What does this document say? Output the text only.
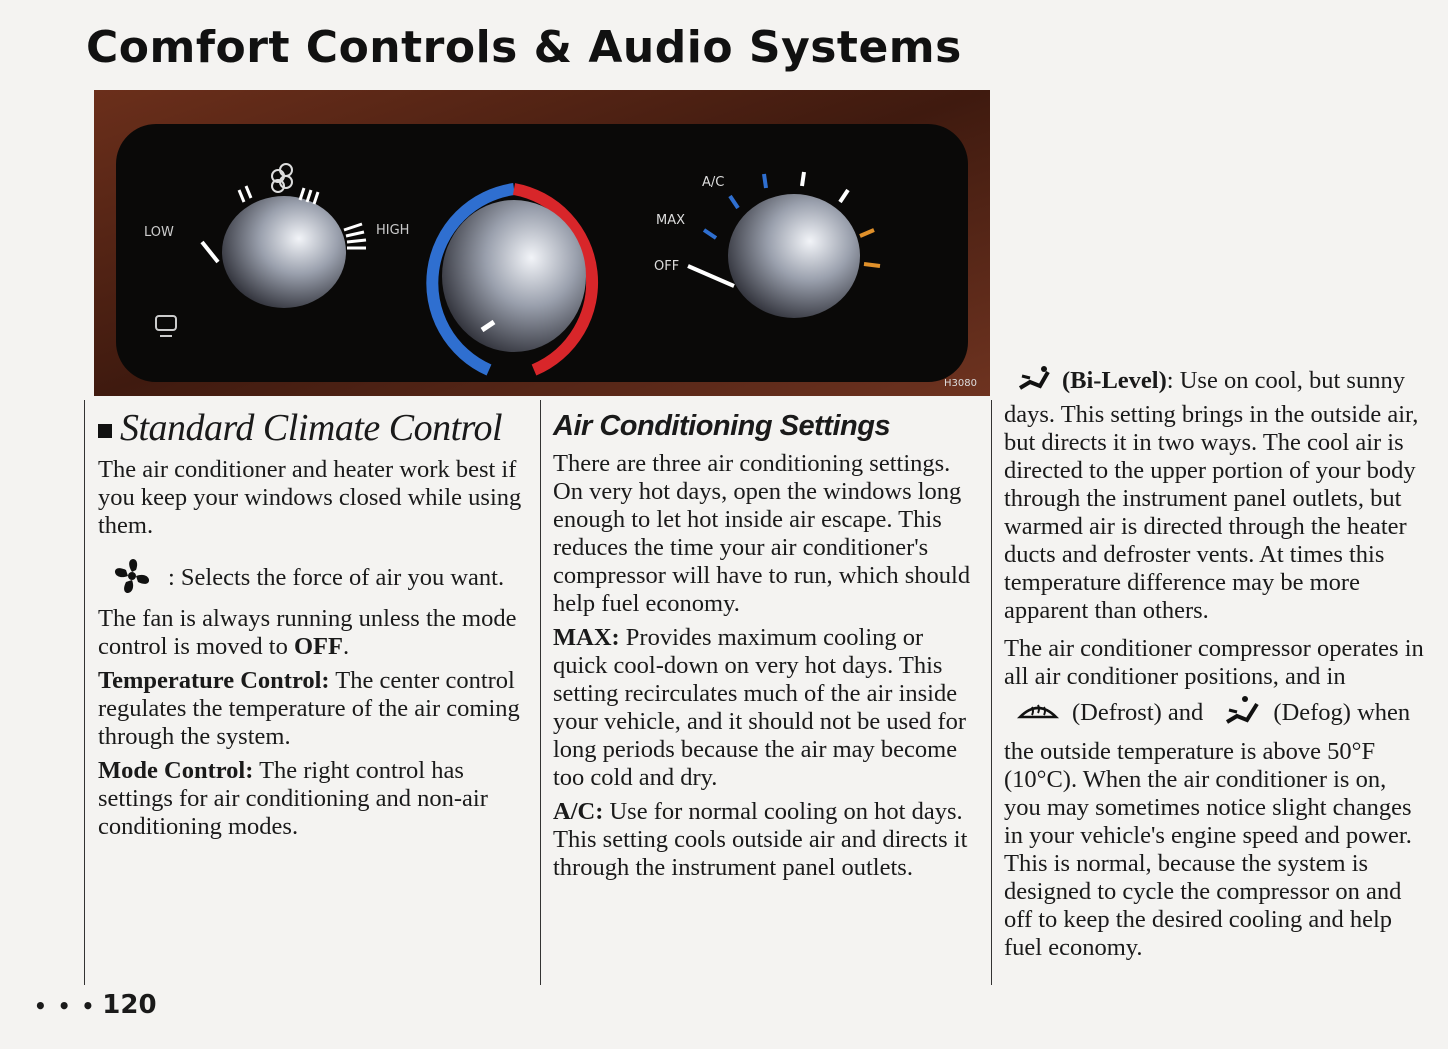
Comfort Controls & Audio Systems
LOW	HIGH
A/C
MAX
OFF
H3080
Standard Climate Control

The air conditioner and heater work best if you keep your windows closed while using them.

: Selects the force of air you want. The fan is always running unless the mode control is moved to OFF.

Temperature Control: The center control regulates the temperature of the air coming through the system.

Mode Control: The right control has settings for air conditioning and non-air conditioning modes.

Air Conditioning Settings

There are three air conditioning settings. On very hot days, open the windows long enough to let hot inside air escape. This reduces the time your air conditioner's compressor will have to run, which should help fuel economy.

MAX: Provides maximum cooling or quick cool-down on very hot days. This setting recirculates much of the air inside your vehicle, and it should not be used for long periods because the air may become too cold and dry.

A/C: Use for normal cooling on hot days. This setting cools outside air and directs it through the instrument panel outlets.

(Bi-Level): Use on cool, but sunny days. This setting brings in the outside air, but directs it in two ways. The cool air is directed to the upper portion of your body through the instrument panel outlets, but warmed air is directed through the heater ducts and defroster vents. At times this temperature difference may be more apparent than others.

The air conditioner compressor operates in all air conditioner positions, and in
(Defrost) and	(Defog) when
the outside temperature is above 50°F (10°C). When the air conditioner is on, you may sometimes notice slight changes in your vehicle's engine speed and power. This is normal, because the system is designed to cycle the compressor on and off to keep the desired cooling and help fuel economy.

• • • 120
